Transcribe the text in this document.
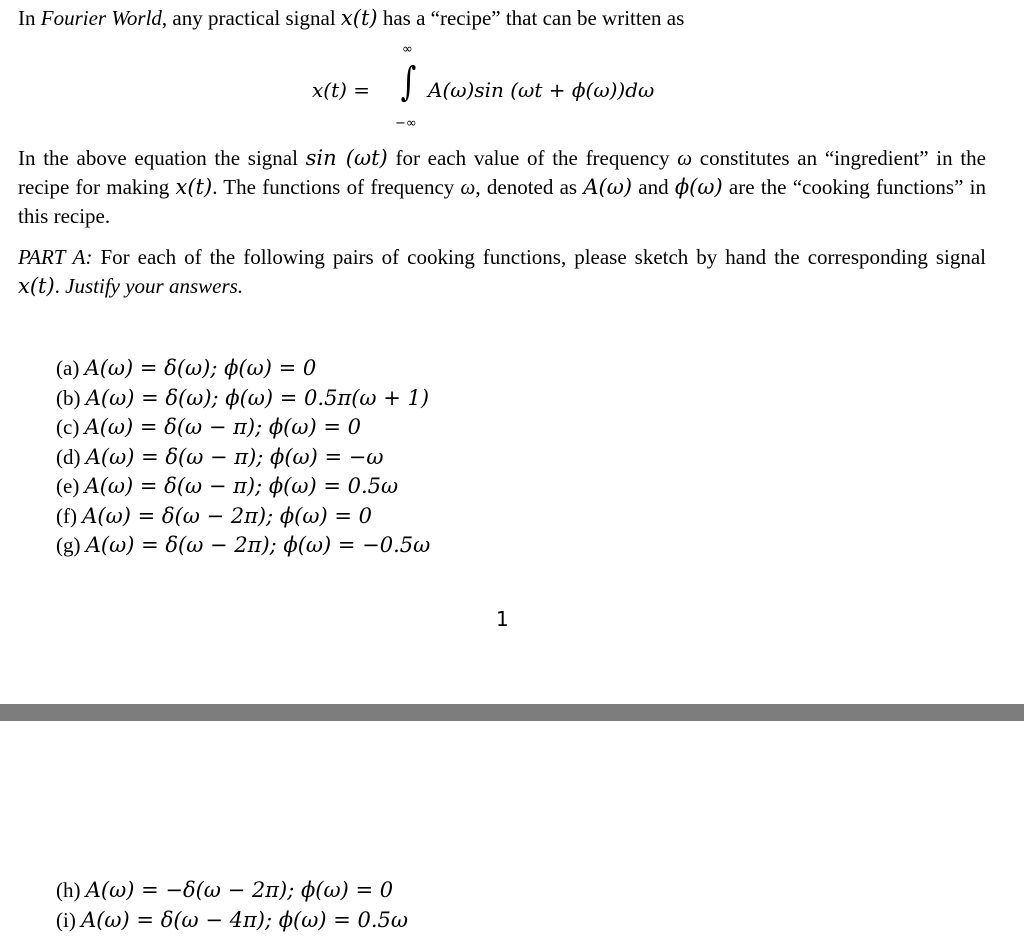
In Fourier World, any practical signal x(t) has a “recipe” that can be written as
x(t) =
∞
∫
−∞
A(ω)sin (ωt + ϕ(ω))dω
In the above equation the signal sin (ωt) for each value of the frequency ω constitutes an “ingredient” in the recipe for making x(t). The functions of frequency ω, denoted as A(ω) and ϕ(ω) are the “cooking functions” in this recipe.
PART A: For each of the following pairs of cooking functions, please sketch by hand the corresponding signal x(t). Justify your answers.
(a) A(ω) = δ(ω); ϕ(ω) = 0
(b) A(ω) = δ(ω); ϕ(ω) = 0.5π(ω + 1)
(c) A(ω) = δ(ω − π); ϕ(ω) = 0
(d) A(ω) = δ(ω − π); ϕ(ω) = −ω
(e) A(ω) = δ(ω − π); ϕ(ω) = 0.5ω
(f) A(ω) = δ(ω − 2π); ϕ(ω) = 0
(g) A(ω) = δ(ω − 2π); ϕ(ω) = −0.5ω
1
(h) A(ω) = −δ(ω − 2π); ϕ(ω) = 0
(i) A(ω) = δ(ω − 4π); ϕ(ω) = 0.5ω
